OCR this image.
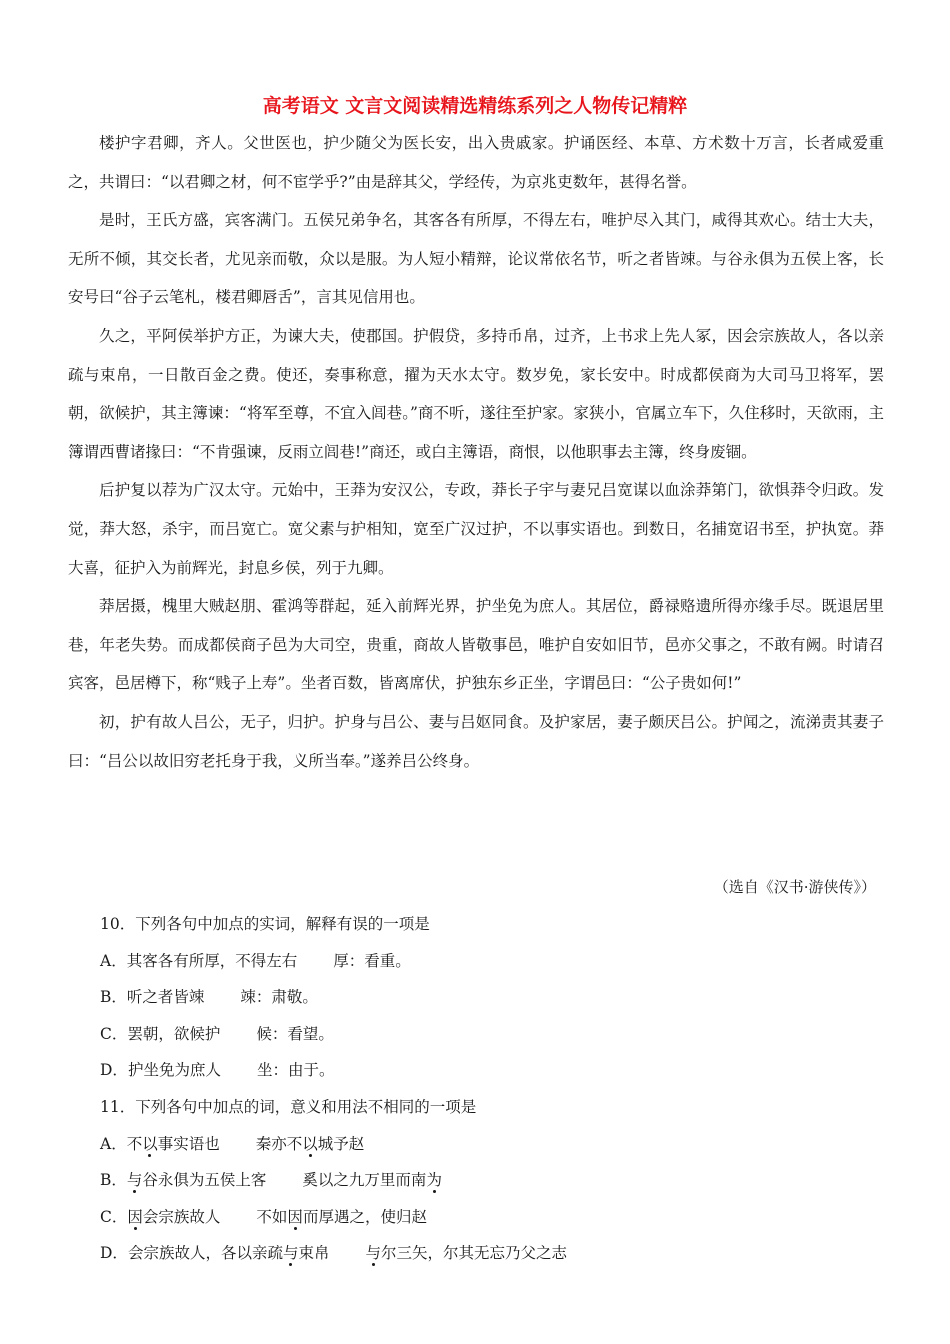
高考语文 文言文阅读精选精练系列之人物传记精粹

楼护字君卿，齐人。父世医也，护少随父为医长安，出入贵戚家。护诵医经、本草、方术数十万言，长者咸爱重之，共谓曰：“以君卿之材，何不宦学乎?”由是辞其父，学经传，为京兆吏数年，甚得名誉。

是时，王氏方盛，宾客满门。五侯兄弟争名，其客各有所厚，不得左右，唯护尽入其门，咸得其欢心。结士大夫，无所不倾，其交长者，尤见亲而敬，众以是服。为人短小精辩，论议常依名节，听之者皆竦。与谷永俱为五侯上客，长安号曰“谷子云笔札，楼君卿唇舌”，言其见信用也。

久之，平阿侯举护方正，为谏大夫，使郡国。护假贷，多持币帛，过齐，上书求上先人冢，因会宗族故人，各以亲疏与束帛，一日散百金之费。使还，奏事称意，擢为天水太守。数岁免，家长安中。时成都侯商为大司马卫将军，罢朝，欲候护，其主簿谏：“将军至尊，不宜入闾巷。”商不听，遂往至护家。家狭小，官属立车下，久住移时，天欲雨，主簿谓西曹诸掾曰：“不肯强谏，反雨立闾巷!”商还，或白主簿语，商恨，以他职事去主簿，终身废锢。

后护复以荐为广汉太守。元始中，王莽为安汉公，专政，莽长子宇与妻兄吕宽谋以血涂莽第门，欲惧莽令归政。发觉，莽大怒，杀宇，而吕宽亡。宽父素与护相知，宽至广汉过护，不以事实语也。到数日，名捕宽诏书至，护执宽。莽大喜，征护入为前辉光，封息乡侯，列于九卿。

莽居摄，槐里大贼赵朋、霍鸿等群起，延入前辉光界，护坐免为庶人。其居位，爵禄赂遗所得亦缘手尽。既退居里巷，年老失势。而成都侯商子邑为大司空，贵重，商故人皆敬事邑，唯护自安如旧节，邑亦父事之，不敢有阙。时请召宾客，邑居樽下，称“贱子上寿”。坐者百数，皆离席伏，护独东乡正坐，字谓邑曰：“公子贵如何!”

初，护有故人吕公，无子，归护。护身与吕公、妻与吕妪同食。及护家居，妻子颇厌吕公。护闻之，流涕责其妻子曰：“吕公以故旧穷老托身于我，义所当奉。”遂养吕公终身。

（选自《汉书·游侠传》）
10．下列各句中加点的实词，解释有误的一项是
A．其客各有所厚，不得左右 厚：看重。
B．听之者皆竦 竦：肃敬。
C．罢朝，欲候护 候：看望。
D．护坐免为庶人 坐：由于。
11．下列各句中加点的词，意义和用法不相同的一项是
A．不以事实语也 秦亦不以城予赵
B．与谷永俱为五侯上客 奚以之九万里而南为
C．因会宗族故人 不如因而厚遇之，使归赵
D．会宗族故人，各以亲疏与束帛 与尔三矢，尔其无忘乃父之志
